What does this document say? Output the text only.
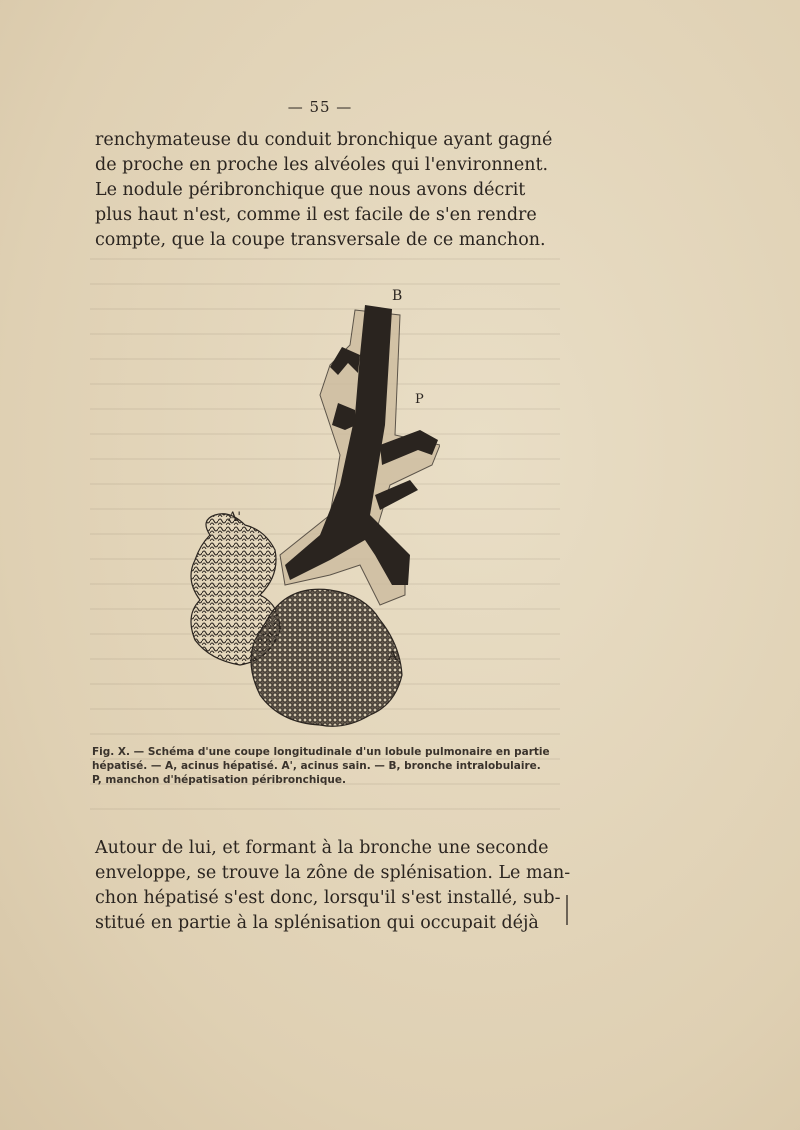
— 55 —
renchymateuse du conduit bronchique ayant gagné
de proche en proche les alvéoles qui l'environnent.
Le nodule péribronchique que nous avons décrit
plus haut n'est, comme il est facile de s'en rendre
compte, que la coupe transversale de ce manchon.
B
P
A'
A
Fig. X. — Schéma d'une coupe longitudinale d'un lobule pulmonaire en partie
hépatisé. — A, acinus hépatisé. A', acinus sain. — B, bronche intralobulaire.
P, manchon d'hépatisation péribronchique.
Autour de lui, et formant à la bronche une seconde
enveloppe, se trouve la zône de splénisation. Le man-
chon hépatisé s'est donc, lorsqu'il s'est installé, sub-
stitué en partie à la splénisation qui occupait déjà
